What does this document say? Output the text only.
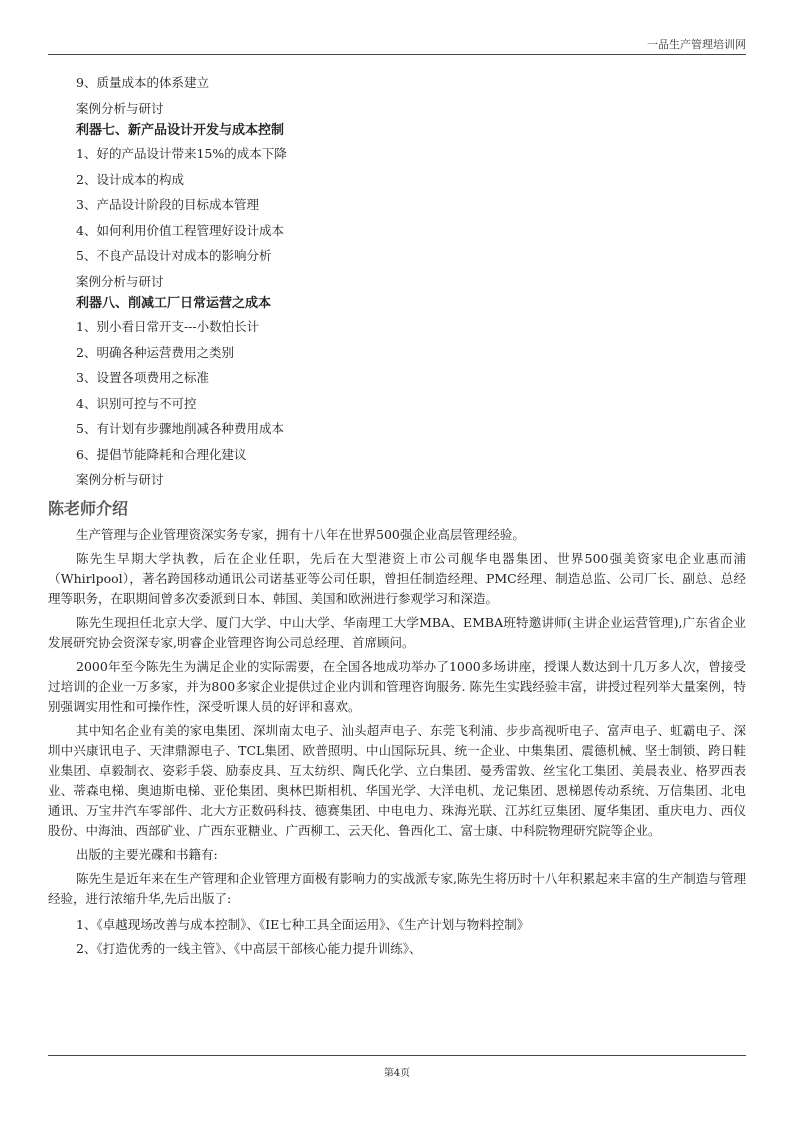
一品生产管理培训网
9、质量成本的体系建立
案例分析与研讨
利器七、新产品设计开发与成本控制
1、好的产品设计带来15%的成本下降
2、设计成本的构成
3、产品设计阶段的目标成本管理
4、如何利用价值工程管理好设计成本
5、不良产品设计对成本的影响分析
案例分析与研讨
利器八、削减工厂日常运营之成本
1、别小看日常开支---小数怕长计
2、明确各种运营费用之类别
3、设置各项费用之标准
4、识别可控与不可控
5、有计划有步骤地削减各种费用成本
6、提倡节能降耗和合理化建议
案例分析与研讨
陈老师介绍
生产管理与企业管理资深实务专家，拥有十八年在世界500强企业高层管理经验。
陈先生早期大学执教，后在企业任职，先后在大型港资上市公司舰华电器集团、世界500强美资家电企业惠而浦（Whirlpool），著名跨国移动通讯公司诺基亚等公司任职，曾担任制造经理、PMC经理、制造总监、公司厂长、副总、总经理等职务，在职期间曾多次委派到日本、韩国、美国和欧洲进行参观学习和深造。
陈先生现担任北京大学、厦门大学、中山大学、华南理工大学MBA、EMBA班特邀讲师(主讲企业运营管理),广东省企业发展研究协会资深专家,明睿企业管理咨询公司总经理、首席顾问。
2000年至今陈先生为满足企业的实际需要，在全国各地成功举办了1000多场讲座，授课人数达到十几万多人次，曾接受过培训的企业一万多家，并为800多家企业提供过企业内训和管理咨询服务. 陈先生实践经验丰富，讲授过程列举大量案例，特别强调实用性和可操作性，深受听课人员的好评和喜欢。
其中知名企业有美的家电集团、深圳南太电子、汕头超声电子、东莞飞利浦、步步高视听电子、富声电子、虹霸电子、深圳中兴康讯电子、天津鼎源电子、TCL集团、欧普照明、中山国际玩具、统一企业、中集集团、震德机械、坚士制锁、跨日鞋业集团、卓毅制衣、姿彩手袋、励泰皮具、互太纺织、陶氏化学、立白集团、曼秀雷敦、丝宝化工集团、美晨表业、格罗西表业、蒂森电梯、奥迪斯电梯、亚伦集团、奥林巴斯相机、华国光学、大洋电机、龙记集团、恩梯恩传动系统、万信集团、北电通讯、万宝井汽车零部件、北大方正数码科技、德赛集团、中电电力、珠海光联、江苏红豆集团、厦华集团、重庆电力、西仪股份、中海油、西部矿业、广西东亚糖业、广西柳工、云天化、鲁西化工、富士康、中科院物理研究院等企业。
出版的主要光碟和书籍有:
陈先生是近年来在生产管理和企业管理方面极有影响力的实战派专家,陈先生将历时十八年积累起来丰富的生产制造与管理经验，进行浓缩升华,先后出版了:
1、《卓越现场改善与成本控制》、《IE七种工具全面运用》、《生产计划与物料控制》
2、《打造优秀的一线主管》、《中高层干部核心能力提升训练》、
第4页
